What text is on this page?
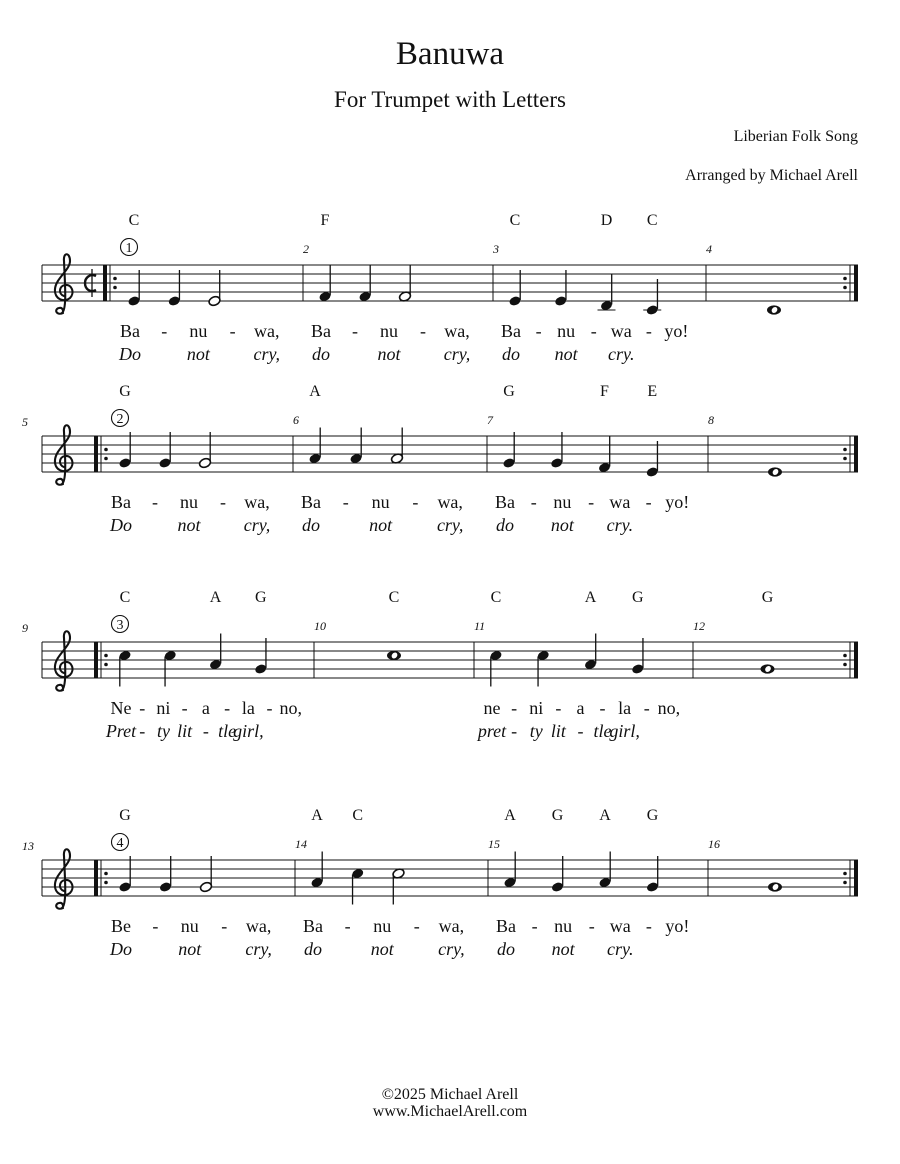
Banuwa
For Trumpet with Letters
Liberian Folk Song
Arranged by Michael Arell
1
C
Ba
Do
- nu
not
- wa,
cry,
2
F
Ba
do
- nu
not
- wa,
cry,
3
C	D C
Ba
do
- nu
not
- wa
cry.
- yo!
4
2
5
G
Ba
Do
- nu
not
- wa,
cry,
6
A
Ba
do
- nu
not
- wa,
cry,
7
G	F E
Ba
do
- nu
not
- wa
cry.
- yo!
8
3
9
C	A G
Ne
Pret
-
-
ni
ty
-
lit
a
-
-
tle
la
girl,
- no,
10
C
11
C	A G
ne
pret
-
-
ni
ty
-
lit
a
-
-
tle
la
girl,
- no,
12
G
4
13
G
Be
Do
- nu
not
- wa,
cry,
14
A C
Ba
do
- nu
not
- wa,
cry,
15
A G A G
Ba
do
- nu
not
- wa
cry.
- yo!
16
©2025 Michael Arell
www.MichaelArell.com
